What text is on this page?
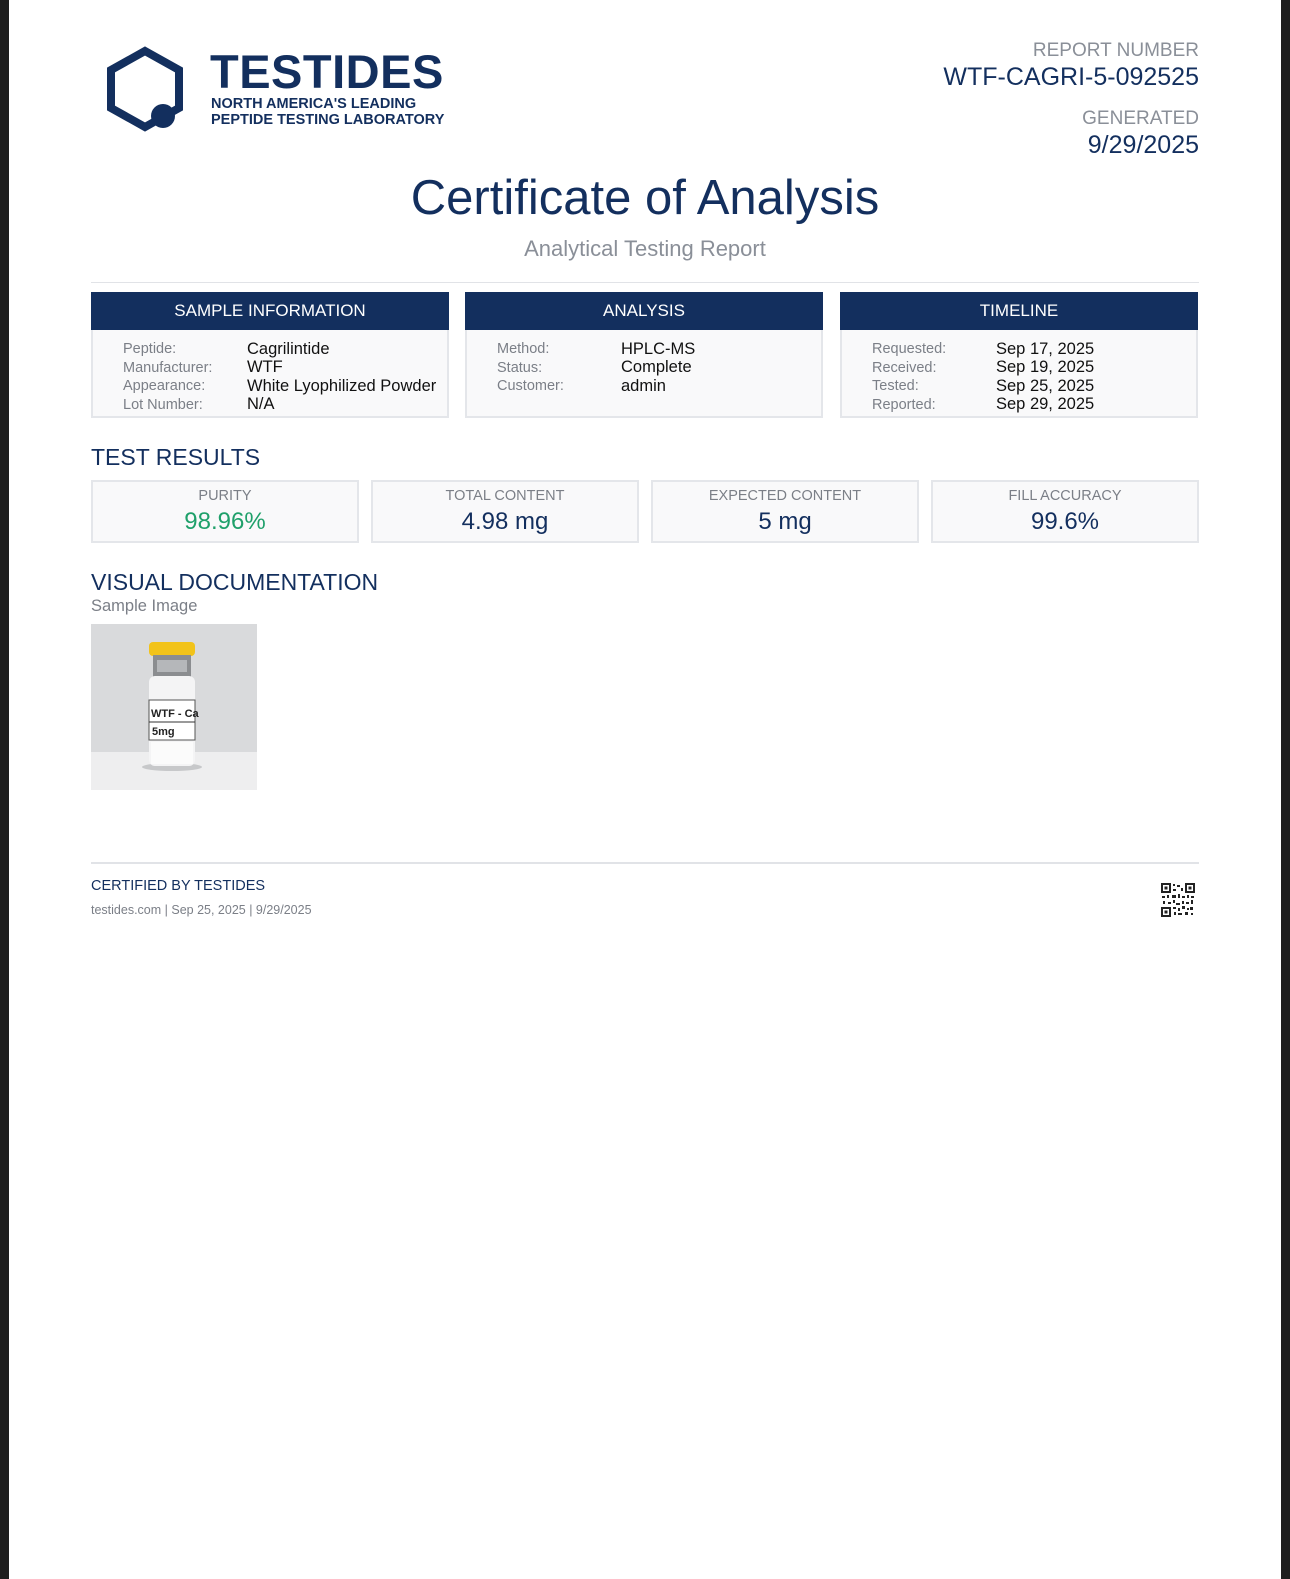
TESTIDES
NORTH AMERICA'S LEADING
PEPTIDE TESTING LABORATORY
REPORT NUMBER
WTF-CAGRI-5-092525
GENERATED
9/29/2025
Certificate of Analysis
Analytical Testing Report
SAMPLE INFORMATION
Peptide:	Cagrilintide
Manufacturer:	WTF
Appearance:	White Lyophilized Powder
Lot Number:	N/A
ANALYSIS
Method:	HPLC-MS
Status:	Complete
Customer:	admin
TIMELINE
Requested:	Sep 17, 2025
Received:	Sep 19, 2025
Tested:	Sep 25, 2025
Reported:	Sep 29, 2025
TEST RESULTS
PURITY
98.96%
TOTAL CONTENT
4.98 mg
EXPECTED CONTENT
5 mg
FILL ACCURACY
99.6%
VISUAL DOCUMENTATION
Sample Image
WTF - Ca
5mg
CERTIFIED BY TESTIDES
testides.com | Sep 25, 2025 | 9/29/2025
